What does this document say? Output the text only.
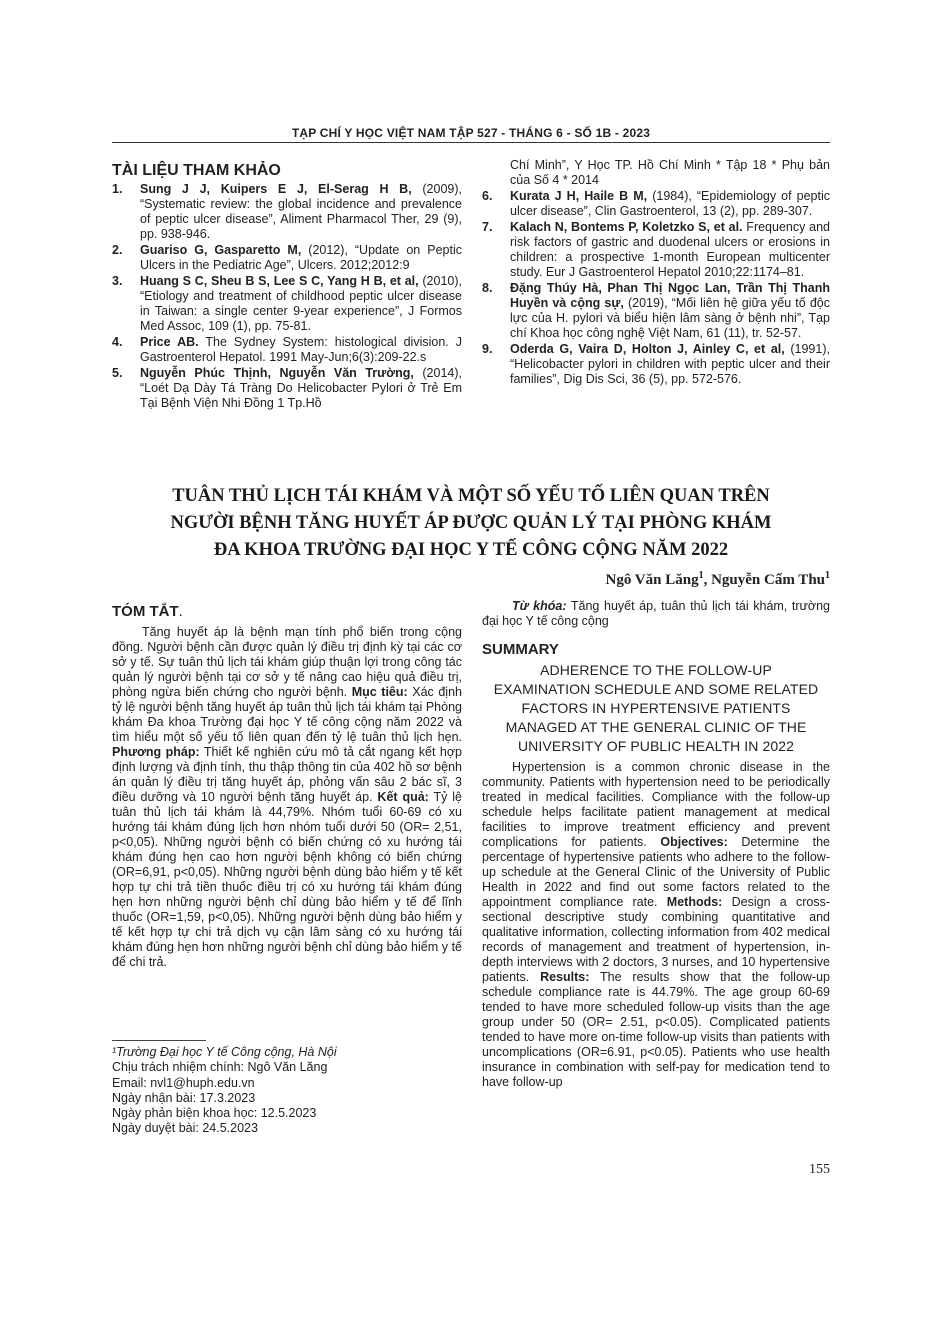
TẠP CHÍ Y HỌC VIỆT NAM TẬP 527 - THÁNG 6 - SỐ 1B - 2023
TÀI LIỆU THAM KHẢO
1.	Sung J J, Kuipers E J, El-Serag H B, (2009), “Systematic review: the global incidence and prevalence of peptic ulcer disease”, Aliment Pharmacol Ther, 29 (9), pp. 938-946.
2.	Guariso G, Gasparetto M, (2012), “Update on Peptic Ulcers in the Pediatric Age”, Ulcers. 2012;2012:9
3.	Huang S C, Sheu B S, Lee S C, Yang H B, et al, (2010), “Etiology and treatment of childhood peptic ulcer disease in Taiwan: a single center 9-year experience”, J Formos Med Assoc, 109 (1), pp. 75-81.
4.	Price AB. The Sydney System: histological division. J Gastroenterol Hepatol. 1991 May-Jun;6(3):209-22.s
5.	Nguyễn Phúc Thịnh, Nguyễn Văn Trường, (2014), “Loét Dạ Dày Tá Tràng Do Helicobacter Pylori ở Trẻ Em Tại Bệnh Viện Nhi Đồng 1 Tp.Hồ
Chí Minh”, Y Học TP. Hồ Chí Minh * Tập 18 * Phụ bản của Số 4 * 2014
6.	Kurata J H, Haile B M, (1984), “Epidemiology of peptic ulcer disease”, Clin Gastroenterol, 13 (2), pp. 289-307.
7.	Kalach N, Bontems P, Koletzko S, et al. Frequency and risk factors of gastric and duodenal ulcers or erosions in children: a prospective 1-month European multicenter study. Eur J Gastroenterol Hepatol 2010;22:1174–81.
8.	Đặng Thúy Hà, Phan Thị Ngọc Lan, Trần Thị Thanh Huyền và cộng sự, (2019), “Mối liên hệ giữa yếu tố độc lực của H. pylori và biểu hiện lâm sàng ở bệnh nhi”, Tạp chí Khoa học công nghệ Việt Nam, 61 (11), tr. 52-57.
9.	Oderda G, Vaira D, Holton J, Ainley C, et al, (1991), “Helicobacter pylori in children with peptic ulcer and their families”, Dig Dis Sci, 36 (5), pp. 572-576.
TUÂN THỦ LỊCH TÁI KHÁM VÀ MỘT SỐ YẾU TỐ LIÊN QUAN TRÊN
NGƯỜI BỆNH TĂNG HUYẾT ÁP ĐƯỢC QUẢN LÝ TẠI PHÒNG KHÁM
ĐA KHOA TRƯỜNG ĐẠI HỌC Y TẾ CÔNG CỘNG NĂM 2022
Ngô Văn Lăng$^1$, Nguyễn Cẩm Thu$^1$
TÓM TẮT.

Tăng huyết áp là bệnh mạn tính phổ biến trong cộng đồng. Người bệnh cần được quản lý điều trị định kỳ tại các cơ sở y tế. Sự tuân thủ lịch tái khám giúp thuận lợi trong công tác quản lý người bệnh tại cơ sở y tế nâng cao hiệu quả điều trị, phòng ngừa biến chứng cho người bệnh. Mục tiêu: Xác định tỷ lệ người bệnh tăng huyết áp tuân thủ lịch tái khám tại Phòng khám Đa khoa Trường đại học Y tế công cộng năm 2022 và tìm hiểu một số yếu tố liên quan đến tỷ lệ tuân thủ lịch hẹn. Phương pháp: Thiết kế nghiên cứu mô tả cắt ngang kết hợp định lượng và định tính, thu thập thông tin của 402 hồ sơ bệnh án quản lý điều trị tăng huyết áp, phỏng vấn sâu 2 bác sĩ, 3 điều dưỡng và 10 người bệnh tăng huyết áp. Kết quả: Tỷ lệ tuân thủ lịch tái khám là 44,79%. Nhóm tuổi 60-69 có xu hướng tái khám đúng lịch hơn nhóm tuổi dưới 50 (OR= 2,51, p<0,05). Những người bệnh có biến chứng có xu hướng tái khám đúng hẹn cao hơn người bệnh không có biến chứng (OR=6,91, p<0,05). Những người bệnh dùng bảo hiểm y tế kết hợp tự chi trả tiền thuốc điều trị có xu hướng tái khám đúng hẹn hơn những người bệnh chỉ dùng bảo hiểm y tế để lĩnh thuốc (OR=1,59, p<0,05). Những người bệnh dùng bảo hiểm y tế kết hợp tự chi trả dịch vụ cận lâm sàng có xu hướng tái khám đúng hẹn hơn những người bệnh chỉ dùng bảo hiểm y tế để chi trả.

Từ khóa: Tăng huyết áp, tuân thủ lịch tái khám, trường đại học Y tế công cộng

SUMMARY
ADHERENCE TO THE FOLLOW-UP
EXAMINATION SCHEDULE AND SOME RELATED
FACTORS IN HYPERTENSIVE PATIENTS
MANAGED AT THE GENERAL CLINIC OF THE
UNIVERSITY OF PUBLIC HEALTH IN 2022

Hypertension is a common chronic disease in the community. Patients with hypertension need to be periodically treated in medical facilities. Compliance with the follow-up schedule helps facilitate patient management at medical facilities to improve treatment efficiency and prevent complications for patients. Objectives: Determine the percentage of hypertensive patients who adhere to the follow-up schedule at the General Clinic of the University of Public Health in 2022 and find out some factors related to the appointment compliance rate. Methods: Design a cross-sectional descriptive study combining quantitative and qualitative information, collecting information from 402 medical records of management and treatment of hypertension, in-depth interviews with 2 doctors, 3 nurses, and 10 hypertensive patients. Results: The results show that the follow-up schedule compliance rate is 44.79%. The age group 60-69 tended to have more scheduled follow-up visits than the age group under 50 (OR= 2.51, p<0.05). Complicated patients tended to have more on-time follow-up visits than patients with uncomplications (OR=6.91, p<0.05). Patients who use health insurance in combination with self-pay for medication tend to have follow-up

¹Trường Đại học Y tế Công cộng, Hà Nội
Chịu trách nhiệm chính: Ngô Văn Lăng
Email: nvl1@huph.edu.vn
Ngày nhận bài: 17.3.2023
Ngày phản biện khoa học: 12.5.2023
Ngày duyệt bài: 24.5.2023
155
